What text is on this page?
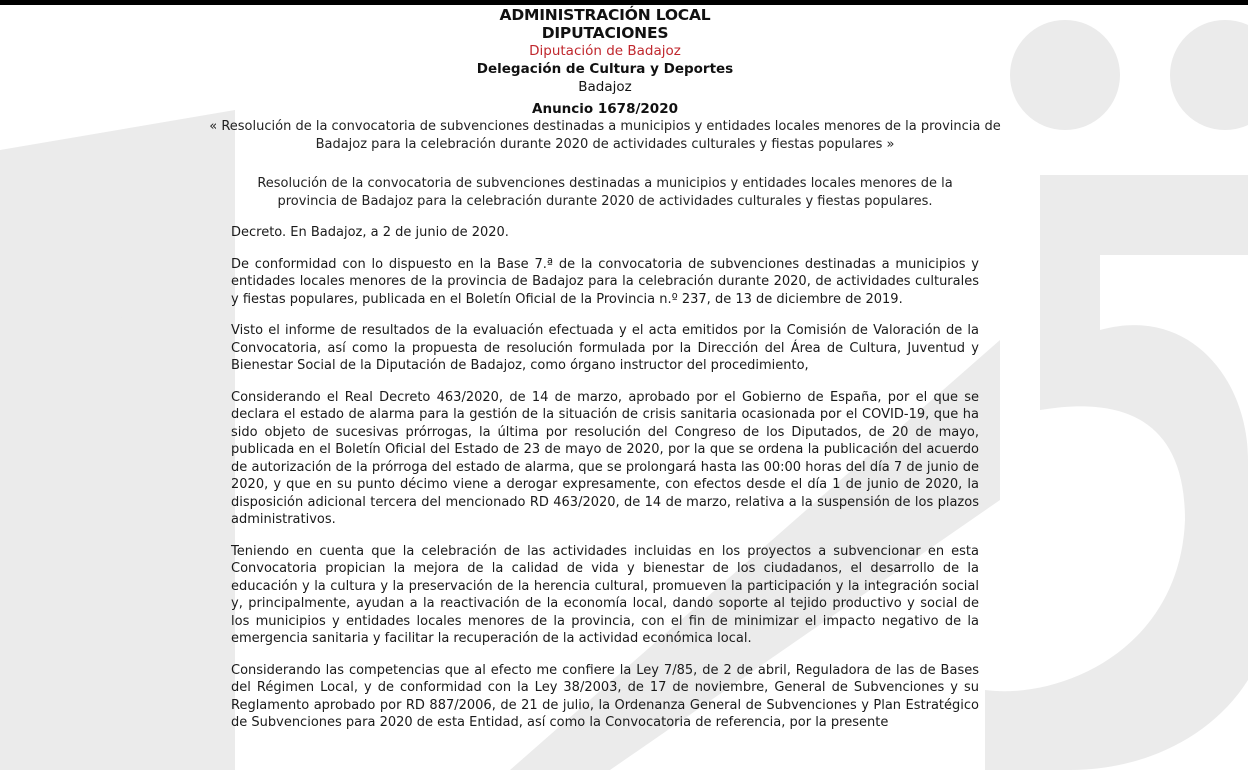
ADMINISTRACIÓN LOCAL
DIPUTACIONES
Diputación de Badajoz
Delegación de Cultura y Deportes
Badajoz
Anuncio 1678/2020
« Resolución de la convocatoria de subvenciones destinadas a municipios y entidades locales menores de la provincia de Badajoz para la celebración durante 2020 de actividades culturales y fiestas populares »
Resolución de la convocatoria de subvenciones destinadas a municipios y entidades locales menores de la provincia de Badajoz para la celebración durante 2020 de actividades culturales y fiestas populares.

Decreto. En Badajoz, a 2 de junio de 2020.

De conformidad con lo dispuesto en la Base 7.ª de la convocatoria de subvenciones destinadas a municipios y entidades locales menores de la provincia de Badajoz para la celebración durante 2020, de actividades culturales y fiestas populares, publicada en el Boletín Oficial de la Provincia n.º 237, de 13 de diciembre de 2019.

Visto el informe de resultados de la evaluación efectuada y el acta emitidos por la Comisión de Valoración de la Convocatoria, así como la propuesta de resolución formulada por la Dirección del Área de Cultura, Juventud y Bienestar Social de la Diputación de Badajoz, como órgano instructor del procedimiento,

Considerando el Real Decreto 463/2020, de 14 de marzo, aprobado por el Gobierno de España, por el que se declara el estado de alarma para la gestión de la situación de crisis sanitaria ocasionada por el COVID-19, que ha sido objeto de sucesivas prórrogas, la última por resolución del Congreso de los Diputados, de 20 de mayo, publicada en el Boletín Oficial del Estado de 23 de mayo de 2020, por la que se ordena la publicación del acuerdo de autorización de la prórroga del estado de alarma, que se prolongará hasta las 00:00 horas del día 7 de junio de 2020, y que en su punto décimo viene a derogar expresamente, con efectos desde el día 1 de junio de 2020, la disposición adicional tercera del mencionado RD 463/2020, de 14 de marzo, relativa a la suspensión de los plazos administrativos.

Teniendo en cuenta que la celebración de las actividades incluidas en los proyectos a subvencionar en esta Convocatoria propician la mejora de la calidad de vida y bienestar de los ciudadanos, el desarrollo de la educación y la cultura y la preservación de la herencia cultural, promueven la participación y la integración social y, principalmente, ayudan a la reactivación de la economía local, dando soporte al tejido productivo y social de los municipios y entidades locales menores de la provincia, con el fin de minimizar el impacto negativo de la emergencia sanitaria y facilitar la recuperación de la actividad económica local.

Considerando las competencias que al efecto me confiere la Ley 7/85, de 2 de abril, Reguladora de las de Bases del Régimen Local, y de conformidad con la Ley 38/2003, de 17 de noviembre, General de Subvenciones y su Reglamento aprobado por RD 887/2006, de 21 de julio, la Ordenanza General de Subvenciones y Plan Estratégico de Subvenciones para 2020 de esta Entidad, así como la Convocatoria de referencia, por la presente
